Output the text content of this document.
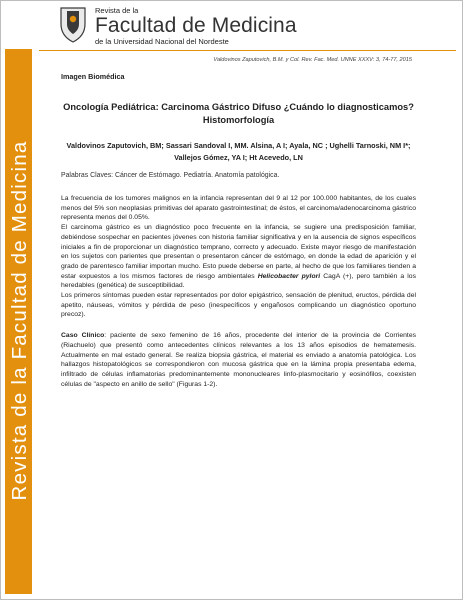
Revista de la Facultad de Medicina
Revista de la
Facultad de Medicina
de la Universidad Nacional del Nordeste
Valdovinos Zaputovich, B.M. y Col. Rev. Fac. Med. UNNE XXXV: 3, 74-77, 2015
Imagen Biomédica
Oncología Pediátrica: Carcinoma Gástrico Difuso ¿Cuándo lo diagnosticamos? Histomorfología
Valdovinos Zaputovich, BM; Sassari Sandoval I, MM. Alsina, A I; Ayala, NC ; Ughelli Tarnoski, NM I*; Vallejos Gómez, YA I; Ht Acevedo, LN
Palabras Claves: Cáncer de Estómago. Pediatría. Anatomía patológica.

La frecuencia de los tumores malignos en la infancia representan del 9 al 12 por 100.000 habitantes, de los cuales menos del 5% son neoplasias primitivas del aparato gastrointestinal; de éstos, el carcinoma/adenocarcinoma gástrico representa menos del 0.05%.

El carcinoma gástrico es un diagnóstico poco frecuente en la infancia, se sugiere una predisposición familiar, debiéndose sospechar en pacientes jóvenes con historia familiar significativa y en la ausencia de signos específicos iniciales a fin de proporcionar un diagnóstico temprano, correcto y adecuado. Existe mayor riesgo de manifestación en los sujetos con parientes que presentan o presentaron cáncer de estómago, en donde la edad de aparición y el grado de parentesco familiar importan mucho. Esto puede deberse en parte, al hecho de que los familiares tienden a estar expuestos a los mismos factores de riesgo ambientales Helicobacter pylori CagA (+), pero también a los heredables (genética) de susceptibilidad.

Los primeros síntomas pueden estar representados por dolor epigástrico, sensación de plenitud, eructos, pérdida del apetito, náuseas, vómitos y pérdida de peso (inespecíficos y engañosos complicando un diagnóstico oportuno precoz).

Caso Clínico: paciente de sexo femenino de 16 años, procedente del interior de la provincia de Corrientes (Riachuelo) que presentó como antecedentes clínicos relevantes a los 13 años episodios de hematemesis. Actualmente en mal estado general. Se realiza biopsia gástrica, el material es enviado a anatomía patológica. Los hallazgos histopatológicos se correspondieron con mucosa gástrica que en la lámina propia presentaba edema, infiltrado de células inflamatorias predominantemente mononucleares linfo-plasmocitario y eosinófilos, coexisten células de "aspecto en anillo de sello" (Figuras 1-2).
